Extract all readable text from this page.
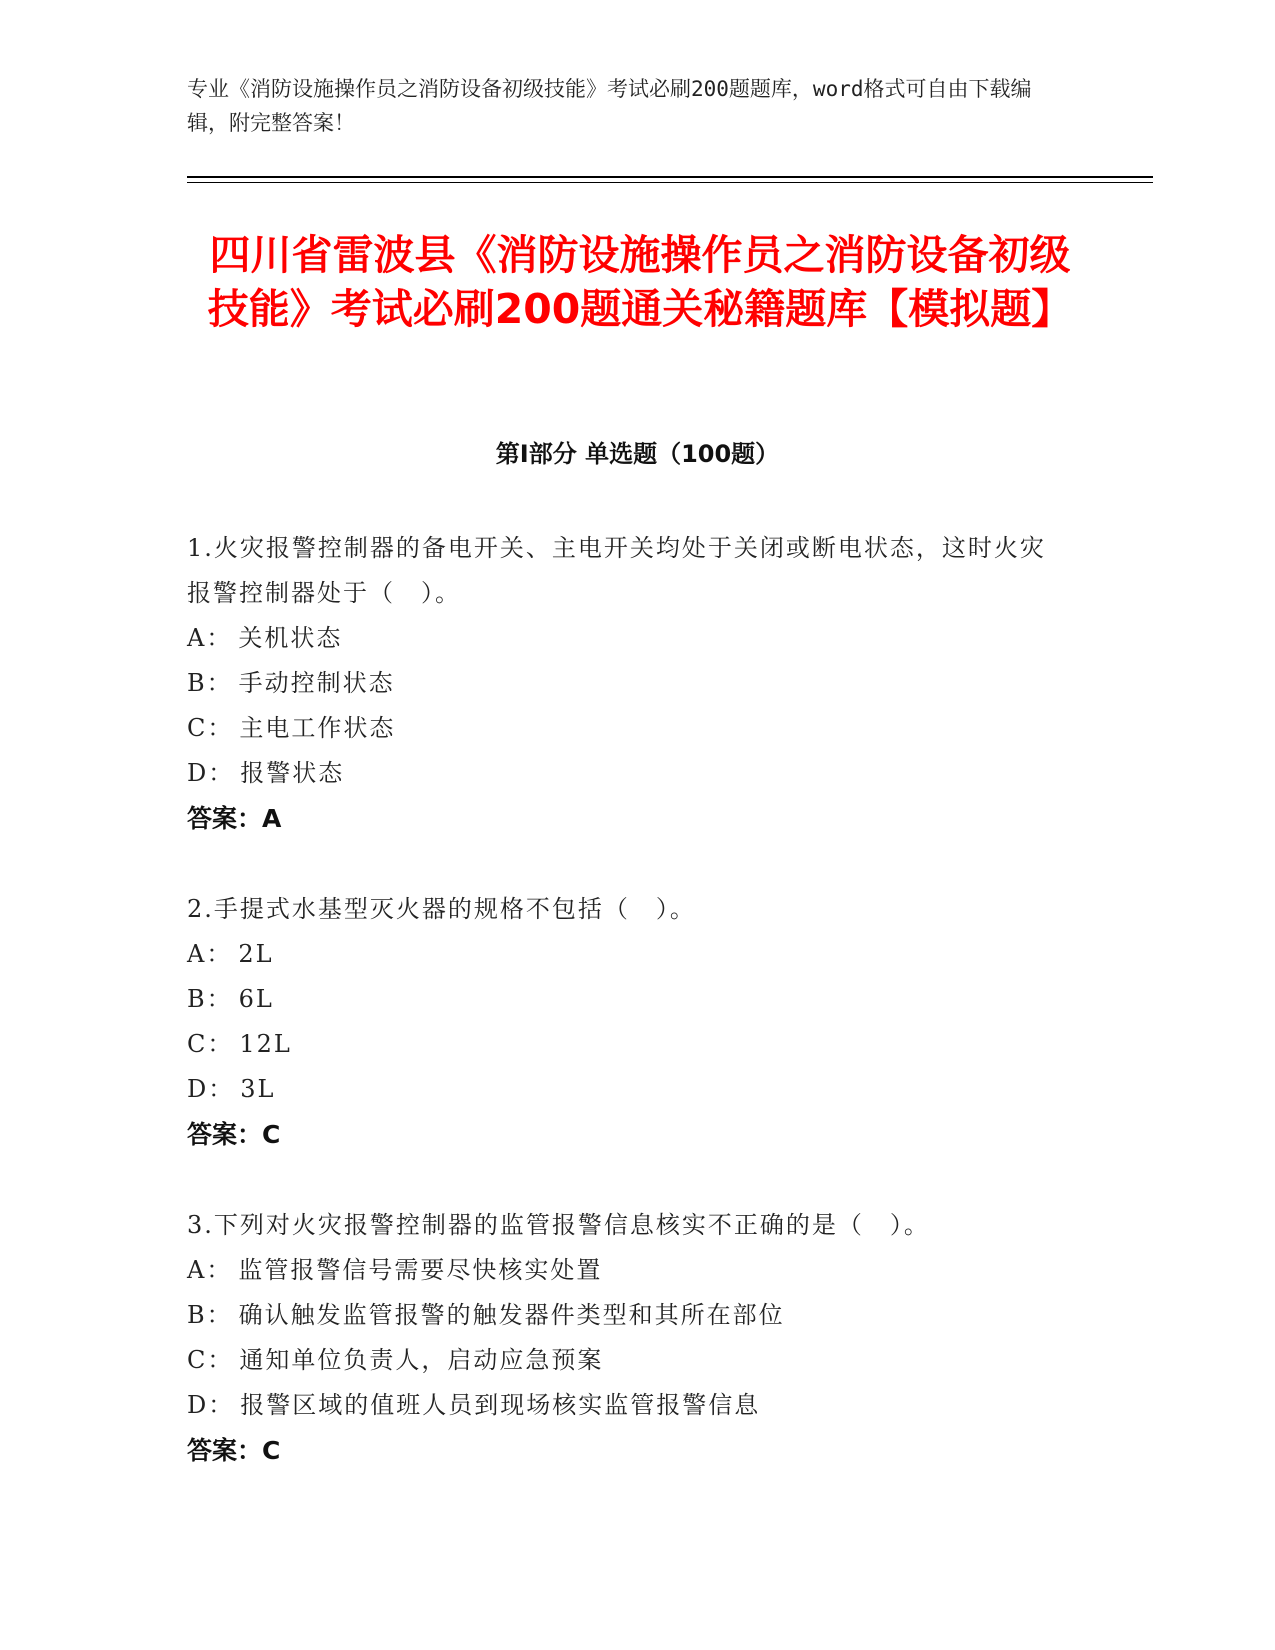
专业《消防设施操作员之消防设备初级技能》考试必刷200题题库，word格式可自由下载编辑，附完整答案！
四川省雷波县《消防设施操作员之消防设备初级技能》考试必刷200题通关秘籍题库【模拟题】
第Ⅰ部分 单选题（100题）
1.火灾报警控制器的备电开关、主电开关均处于关闭或断电状态，这时火灾报警控制器处于（　）。
A： 关机状态
B： 手动控制状态
C： 主电工作状态
D： 报警状态
答案：A
2.手提式水基型灭火器的规格不包括（　）。
A： 2L
B： 6L
C： 12L
D： 3L
答案：C
3.下列对火灾报警控制器的监管报警信息核实不正确的是（　）。
A： 监管报警信号需要尽快核实处置
B： 确认触发监管报警的触发器件类型和其所在部位
C： 通知单位负责人，启动应急预案
D： 报警区域的值班人员到现场核实监管报警信息
答案：C
